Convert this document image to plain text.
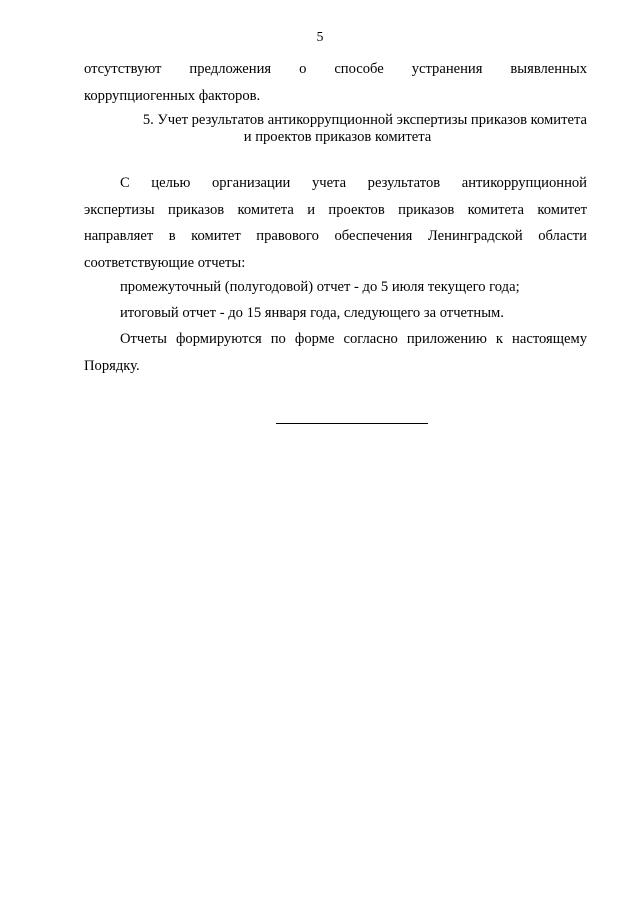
5
отсутствуют предложения о способе устранения выявленных
коррупциогенных факторов.
5. Учет результатов антикоррупционной экспертизы приказов комитета
и проектов приказов комитета
С целью организации учета результатов антикоррупционной
экспертизы приказов комитета и проектов приказов комитета комитет
направляет в комитет правового обеспечения Ленинградской области
соответствующие отчеты:
промежуточный (полугодовой) отчет - до 5 июля текущего года;
итоговый отчет - до 15 января года, следующего за отчетным.
Отчеты формируются по форме согласно приложению к настоящему
Порядку.
